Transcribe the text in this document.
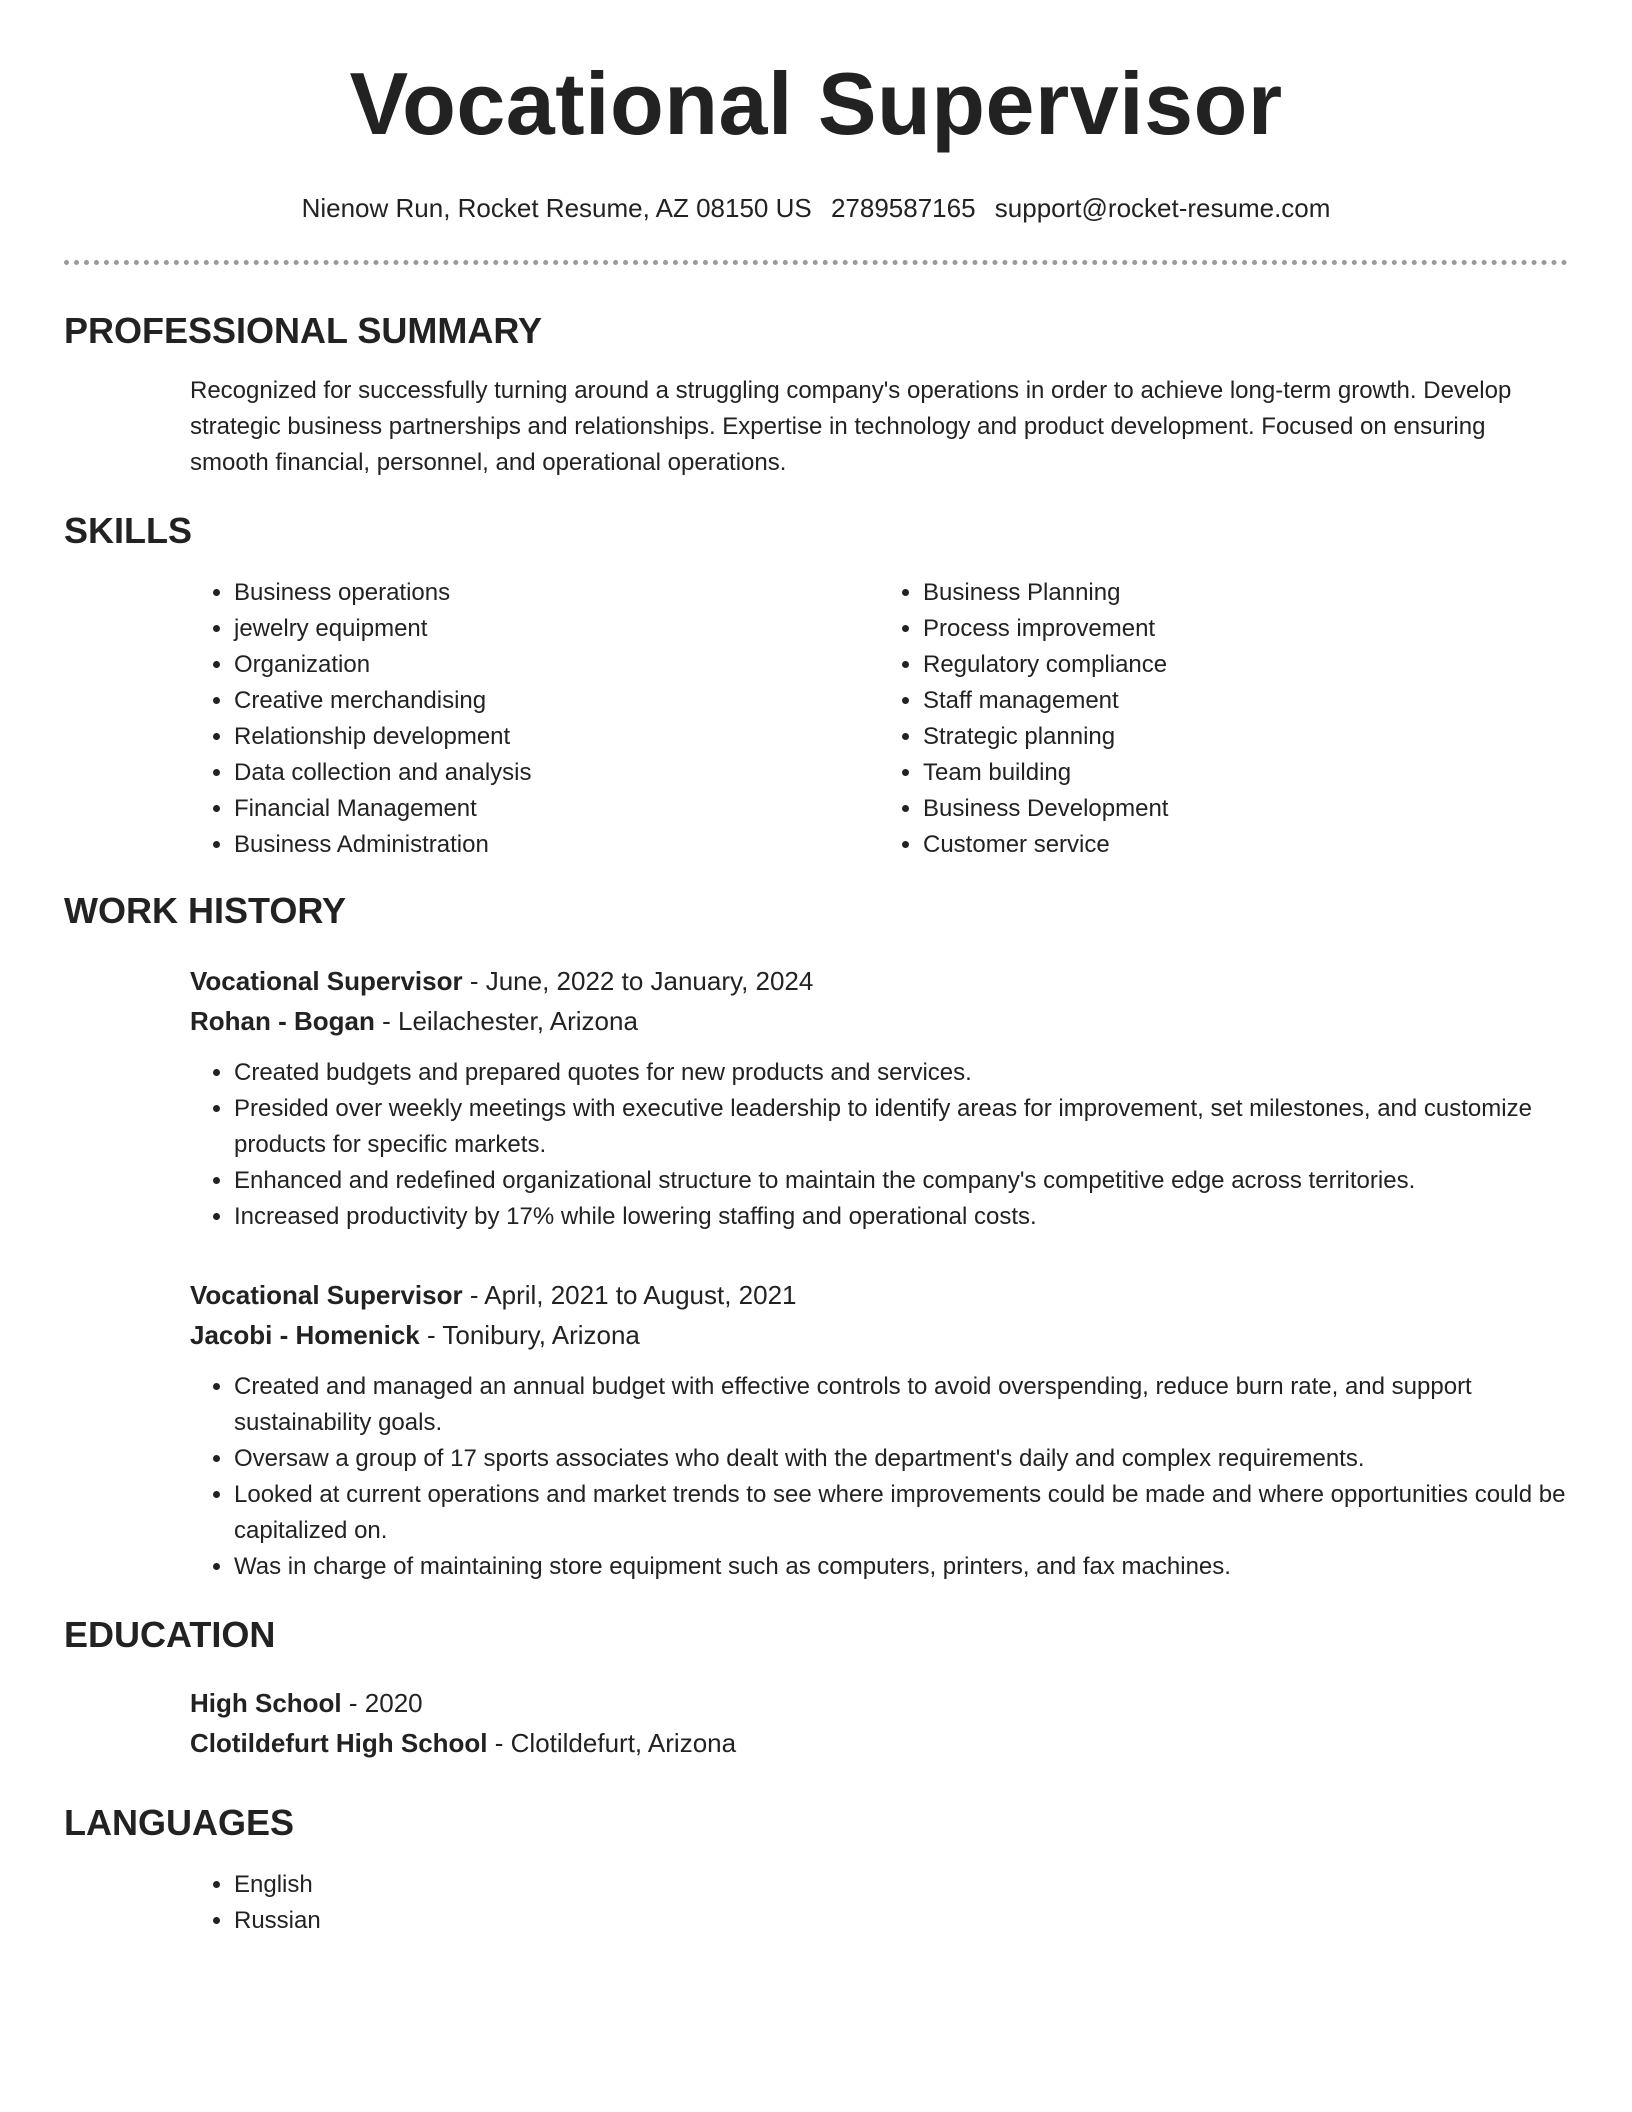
Vocational Supervisor
Nienow Run, Rocket Resume, AZ 08150 US 2789587165 support@rocket-resume.com
PROFESSIONAL SUMMARY
Recognized for successfully turning around a struggling company's operations in order to achieve long-term growth. Develop strategic business partnerships and relationships. Expertise in technology and product development. Focused on ensuring smooth financial, personnel, and operational operations.
SKILLS
• Business operations
• jewelry equipment
• Organization
• Creative merchandising
• Relationship development
• Data collection and analysis
• Financial Management
• Business Administration
• Business Planning
• Process improvement
• Regulatory compliance
• Staff management
• Strategic planning
• Team building
• Business Development
• Customer service
WORK HISTORY
Vocational Supervisor - June, 2022 to January, 2024
Rohan - Bogan - Leilachester, Arizona
• Created budgets and prepared quotes for new products and services.
• Presided over weekly meetings with executive leadership to identify areas for improvement, set milestones, and customize products for specific markets.
• Enhanced and redefined organizational structure to maintain the company's competitive edge across territories.
• Increased productivity by 17% while lowering staffing and operational costs.
Vocational Supervisor - April, 2021 to August, 2021
Jacobi - Homenick - Tonibury, Arizona
• Created and managed an annual budget with effective controls to avoid overspending, reduce burn rate, and support sustainability goals.
• Oversaw a group of 17 sports associates who dealt with the department's daily and complex requirements.
• Looked at current operations and market trends to see where improvements could be made and where opportunities could be capitalized on.
• Was in charge of maintaining store equipment such as computers, printers, and fax machines.
EDUCATION
High School - 2020
Clotildefurt High School - Clotildefurt, Arizona
LANGUAGES
• English
• Russian
